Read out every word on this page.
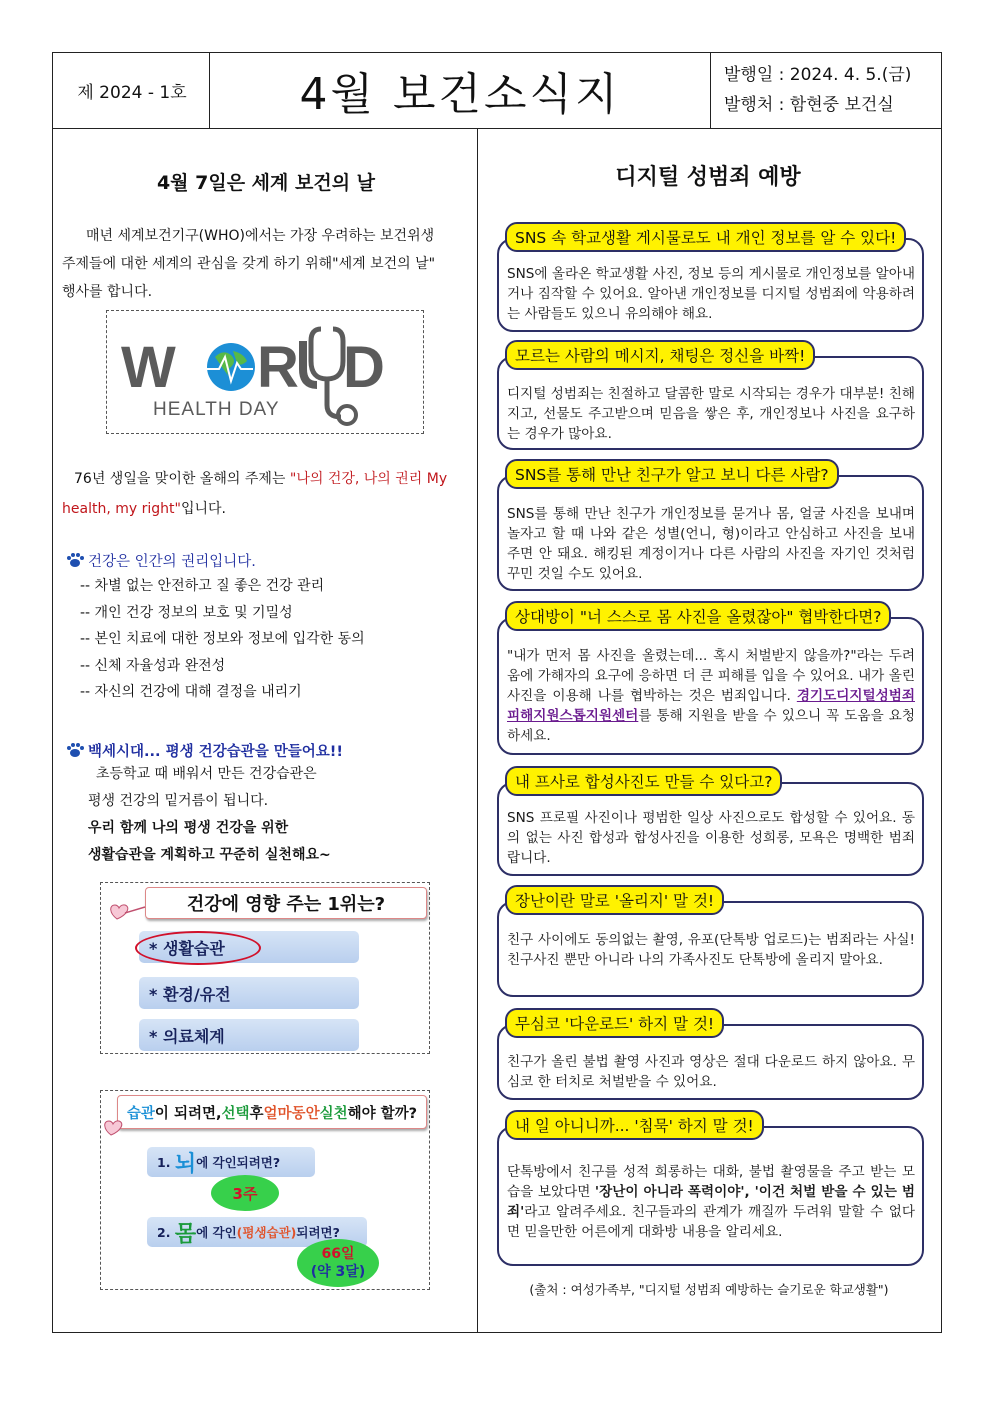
제 2024 - 1호	4월 보건소식지	발행일 : 2024. 4. 5.(금)
발행처 : 함현중 보건실
4월 7일은 세계 보건의 날
매년 세계보건기구(WHO)에서는 가장 우려하는 보건위생
주제들에 대한 세계의 관심을 갖게 하기 위해"세계 보건의 날"
행사를 합니다.
W R D
HEALTH DAY
76년 생일을 맞이한 올해의 주제는 "나의 건강, 나의 권리 My health, my right"입니다.
건강은 인간의 권리입니다.
-- 차별 없는 안전하고 질 좋은 건강 관리
-- 개인 건강 정보의 보호 및 기밀성
-- 본인 치료에 대한 정보와 정보에 입각한 동의
-- 신체 자율성과 완전성
-- 자신의 건강에 대해 결정을 내리기
백세시대... 평생 건강습관을 만들어요!!
초등학교 때 배워서 만든 건강습관은
평생 건강의 밑거름이 됩니다.
우리 함께 나의 평생 건강을 위한
생활습관을 계획하고 꾸준히 실천해요~
건강에 영향 주는 1위는?
* 생활습관
* 환경/유전
* 의료체계
습관 이 되려면, 선택 후 얼마동안 실천 해야 할까?
1.
뇌 에 각인되려면?
3주
2.
몸 에 각인 (평생습관) 되려면?
66일
(약 3달)
디지털 성범죄 예방
SNS 속 학교생활 게시물로도 내 개인 정보를 알 수 있다!
SNS에 올라온 학교생활 사진, 정보 등의 게시물로 개인정보를 알아내거나 짐작할 수 있어요. 알아낸 개인정보를 디지털 성범죄에 악용하려는 사람들도 있으니 유의해야 해요.
모르는 사람의 메시지, 채팅은 정신을 바짝!
디지털 성범죄는 친절하고 달콤한 말로 시작되는 경우가 대부분! 친해지고, 선물도 주고받으며 믿음을 쌓은 후, 개인정보나 사진을 요구하는 경우가 많아요.
SNS를 통해 만난 친구가 알고 보니 다른 사람?
SNS를 통해 만난 친구가 개인정보를 묻거나 몸, 얼굴 사진을 보내며 놀자고 할 때 나와 같은 성별(언니, 형)이라고 안심하고 사진을 보내주면 안 돼요. 해킹된 계정이거나 다른 사람의 사진을 자기인 것처럼 꾸민 것일 수도 있어요.
상대방이 "너 스스로 몸 사진을 올렸잖아" 협박한다면?
"내가 먼저 몸 사진을 올렸는데... 혹시 처벌받지 않을까?"라는 두려움에 가해자의 요구에 응하면 더 큰 피해를 입을 수 있어요. 내가 올린 사진을 이용해 나를 협박하는 것은 범죄입니다. 경기도디지털성범죄피해지원스톱지원센터를 통해 지원을 받을 수 있으니 꼭 도움을 요청하세요.
내 프사로 합성사진도 만들 수 있다고?
SNS 프로필 사진이나 평범한 일상 사진으로도 합성할 수 있어요. 동의 없는 사진 합성과 합성사진을 이용한 성희롱, 모욕은 명백한 범죄랍니다.
장난이란 말로 '올리지' 말 것!
친구 사이에도 동의없는 촬영, 유포(단톡방 업로드)는 범죄라는 사실! 친구사진 뿐만 아니라 나의 가족사진도 단톡방에 올리지 말아요.
무심코 '다운로드' 하지 말 것!
친구가 올린 불법 촬영 사진과 영상은 절대 다운로드 하지 않아요. 무심코 한 터치로 처벌받을 수 있어요.
내 일 아니니까... '침묵' 하지 말 것!
단톡방에서 친구를 성적 희롱하는 대화, 불법 촬영물을 주고 받는 모습을 보았다면 '장난이 아니라 폭력이야', '이건 처벌 받을 수 있는 범죄'라고 알려주세요. 친구들과의 관계가 깨질까 두려워 말할 수 없다면 믿을만한 어른에게 대화방 내용을 알리세요.
(출처 : 여성가족부, "디지털 성범죄 예방하는 슬기로운 학교생활")
